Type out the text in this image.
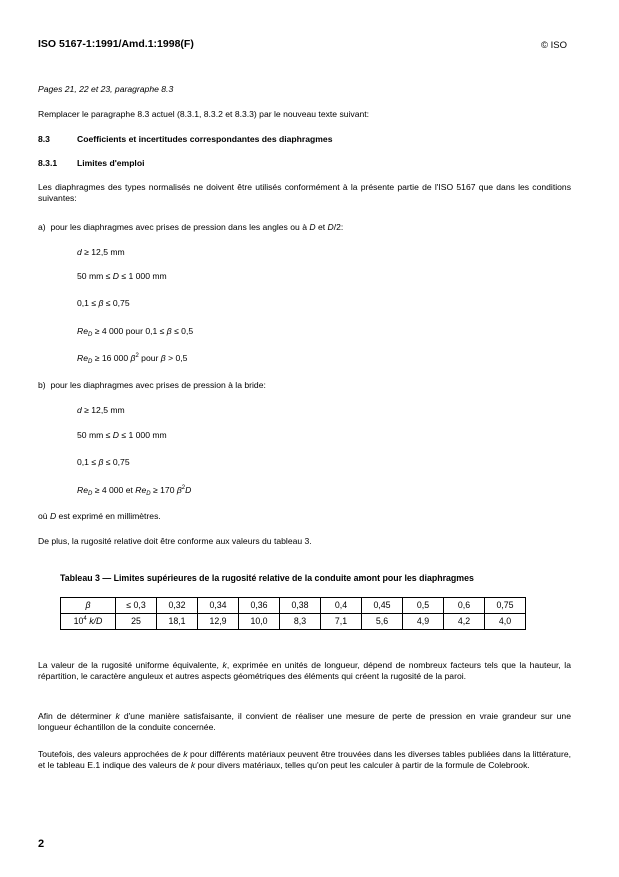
ISO 5167-1:1991/Amd.1:1998(F)	© ISO
Pages 21, 22 et 23, paragraphe 8.3
Remplacer le paragraphe 8.3 actuel (8.3.1, 8.3.2 et 8.3.3) par le nouveau texte suivant:
8.3	Coefficients et incertitudes correspondantes des diaphragmes
8.3.1 Limites d'emploi
Les diaphragmes des types normalisés ne doivent être utilisés conformément à la présente partie de l'ISO 5167 que dans les conditions suivantes:
a) pour les diaphragmes avec prises de pression dans les angles ou à D et D/2:
d ≥ 12,5 mm
50 mm ≤ D ≤ 1 000 mm
0,1 ≤ β ≤ 0,75
$Re_D \ge 4$ 000 pour 0,1 ≤ β ≤ 0,5
$Re_D \ge 16$ 000 $\beta^2$ pour β > 0,5
b) pour les diaphragmes avec prises de pression à la bride:
d ≥ 12,5 mm
50 mm ≤ D ≤ 1 000 mm
0,1 ≤ β ≤ 0,75
$Re_D \ge 4$ 000 et $Re_D \ge 170$ $\beta^2D$
où D est exprimé en millimètres.
De plus, la rugosité relative doit être conforme aux valeurs du tableau 3.
Tableau 3 — Limites supérieures de la rugosité relative de la conduite amont pour les diaphragmes
β	≤ 0,3	0,32	0,34	0,36	0,38	0,4	0,45	0,5	0,6	0,75
$10^4$ k/D	25	18,1	12,9	10,0	8,3	7,1	5,6	4,9	4,2	4,0
La valeur de la rugosité uniforme équivalente, k, exprimée en unités de longueur, dépend de nombreux facteurs tels que la hauteur, la répartition, le caractère anguleux et autres aspects géométriques des éléments qui créent la rugosité de la paroi.
Afin de déterminer k d'une manière satisfaisante, il convient de réaliser une mesure de perte de pression en vraie grandeur sur une longueur échantillon de la conduite concernée.
Toutefois, des valeurs approchées de k pour différents matériaux peuvent être trouvées dans les diverses tables publiées dans la littérature, et le tableau E.1 indique des valeurs de k pour divers matériaux, telles qu'on peut les calculer à partir de la formule de Colebrook.
2
